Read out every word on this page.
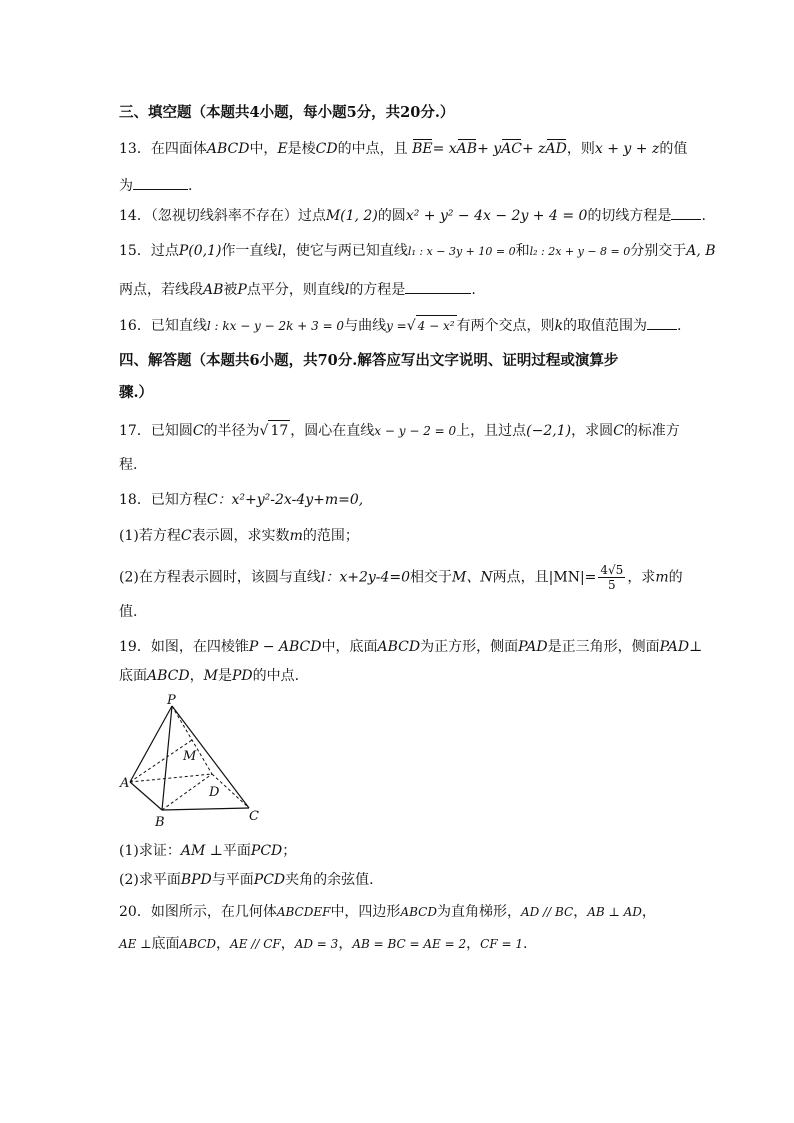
三、填空题（本题共4小题，每小题5分，共20分.）
13．在四面体ABCD中，E是棱CD的中点，且 BE= xAB+ yAC+ zAD，则x + y + z的值
为	.
14．（忽视切线斜率不存在）过点M(1, 2)的圆x² + y² − 4x − 2y + 4 = 0的切线方程是 .
15．过点P(0,1)作一直线l，使它与两已知直线l₁ : x − 3y + 10 = 0和l₂ : 2x + y − 8 = 0分别交于A, B
两点，若线段AB被P点平分，则直线l的方程是	.
16．已知直线l : kx − y − 2k + 3 = 0与曲线y =√ 4 − x² 有两个交点，则k的取值范围为 .
四、解答题（本题共6小题，共70分.解答应写出文字说明、证明过程或演算步
骤.）
17．已知圆C的半径为√ 17 ，圆心在直线x − y − 2 = 0上，且过点(−2,1)，求圆C的标准方
程.
18．已知方程C：x²+y²-2x-4y+m=0,
(1)若方程C表示圆，求实数m的范围；
(2)在方程表示圆时，该圆与直线l：x+2y-4=0相交于M、N两点，且$|MN|= \frac{4√5}{5}$ ，求m的
值.
19．如图，在四棱锥P − ABCD中，底面ABCD为正方形，侧面PAD是正三角形，侧面PAD⊥
底面ABCD，M是PD的中点.
P
M
A
D
B	C
(1)求证：AM ⊥平面PCD；
(2)求平面BPD与平面PCD夹角的余弦值.
20．如图所示，在几何体ABCDEF中，四边形ABCD为直角梯形，AD // BC，AB ⊥ AD，
AE ⊥底面ABCD，AE // CF，AD = 3，AB = BC = AE = 2，CF = 1.
